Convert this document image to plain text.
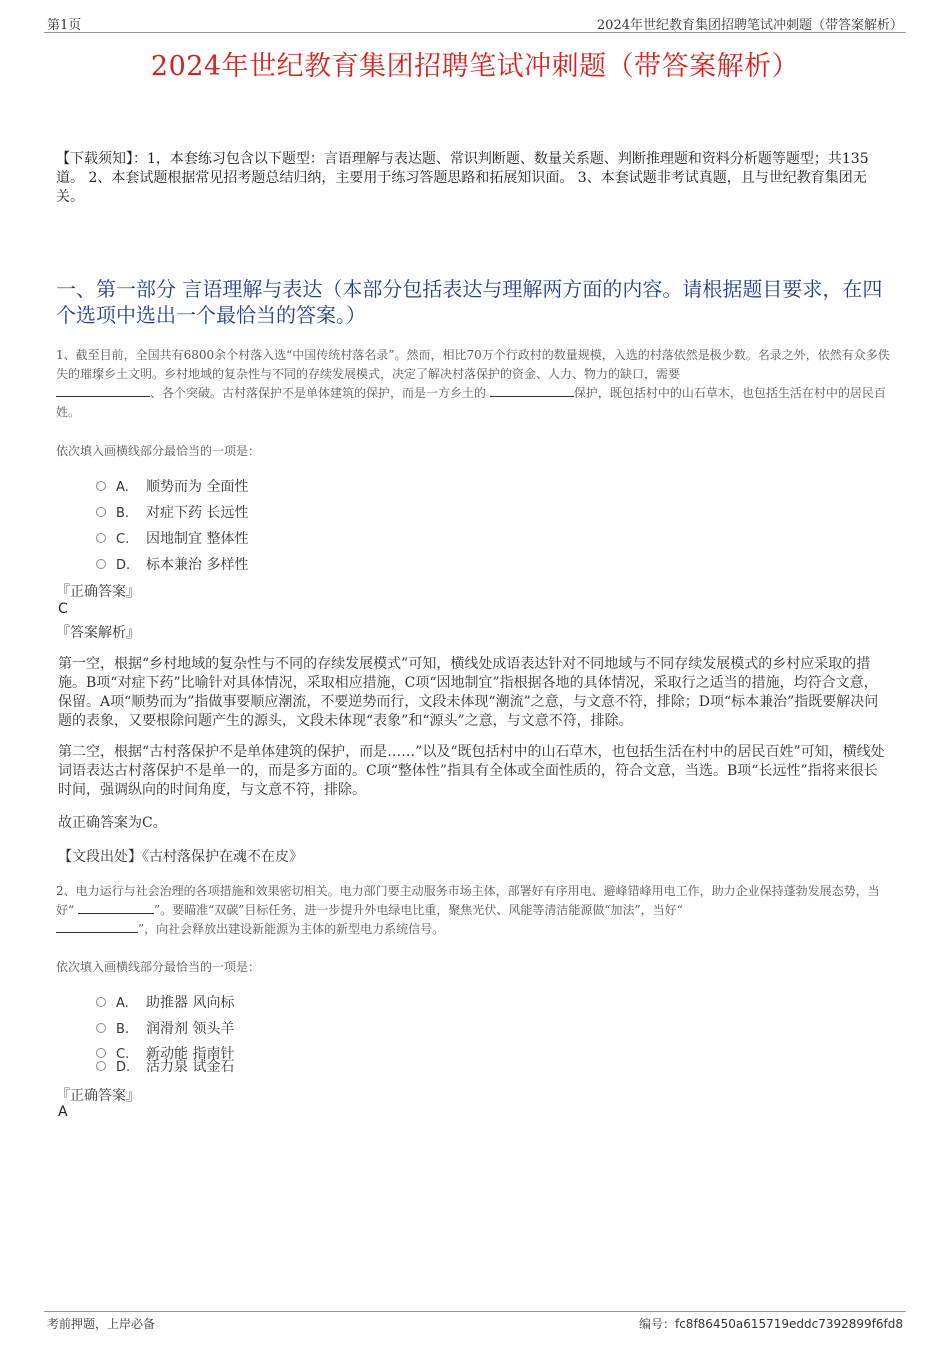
第1页	2024年世纪教育集团招聘笔试冲刺题（带答案解析）
2024年世纪教育集团招聘笔试冲刺题（带答案解析）
【下载须知】：1，本套练习包含以下题型：言语理解与表达题、常识判断题、数量关系题、判断推理题和资料分析题等题型；共135道。 2、本套试题根据常见招考题总结归纳，主要用于练习答题思路和拓展知识面。 3、本套试题非考试真题，且与世纪教育集团无关。
一、第一部分 言语理解与表达（本部分包括表达与理解两方面的内容。请根据题目要求，在四个选项中选出一个最恰当的答案。）
1、截至目前，全国共有6800余个村落入选“中国传统村落名录”。然而，相比70万个行政村的数量规模，入选的村落依然是极少数。名录之外，依然有众多佚失的璀璨乡土文明。乡村地域的复杂性与不同的存续发展模式，决定了解决村落保护的资金、人力、物力的缺口，需要
、各个突破。古村落保护不是单体建筑的保护，而是一方乡土的	保护，既包括村中的山石草木，也包括生活在村中的居民百姓。
依次填入画横线部分最恰当的一项是：
A. 顺势而为 全面性
B. 对症下药 长远性
C. 因地制宜 整体性
D. 标本兼治 多样性
『正确答案』
C
『答案解析』
第一空，根据“乡村地域的复杂性与不同的存续发展模式”可知，横线处成语表达针对不同地域与不同存续发展模式的乡村应采取的措施。B项“对症下药”比喻针对具体情况，采取相应措施，C项“因地制宜”指根据各地的具体情况，采取行之适当的措施，均符合文意，保留。A项“顺势而为”指做事要顺应潮流，不要逆势而行，文段未体现“潮流”之意，与文意不符，排除；D项“标本兼治”指既要解决问题的表象，又要根除问题产生的源头，文段未体现“表象”和“源头”之意，与文意不符，排除。
第二空，根据“古村落保护不是单体建筑的保护，而是……”以及“既包括村中的山石草木，也包括生活在村中的居民百姓”可知，横线处词语表达古村落保护不是单一的，而是多方面的。C项“整体性”指具有全体或全面性质的，符合文意，当选。B项“长远性”指将来很长时间，强调纵向的时间角度，与文意不符，排除。
故正确答案为C。
【文段出处】《古村落保护在魂不在皮》
2、电力运行与社会治理的各项措施和效果密切相关。电力部门要主动服务市场主体，部署好有序用电、避峰错峰用电工作，助力企业保持蓬勃发展态势，当好“	”。要瞄准“双碳”目标任务，进一步提升外电绿电比重，聚焦光伏、风能等清洁能源做“加法”，当好“
”，向社会释放出建设新能源为主体的新型电力系统信号。
依次填入画横线部分最恰当的一项是：
A. 助推器 风向标
B. 润滑剂 领头羊
C. 新动能 指南针
D. 活力泉 试金石
『正确答案』
A
考前押题，上岸必备	编号：fc8f86450a615719eddc7392899f6fd8
